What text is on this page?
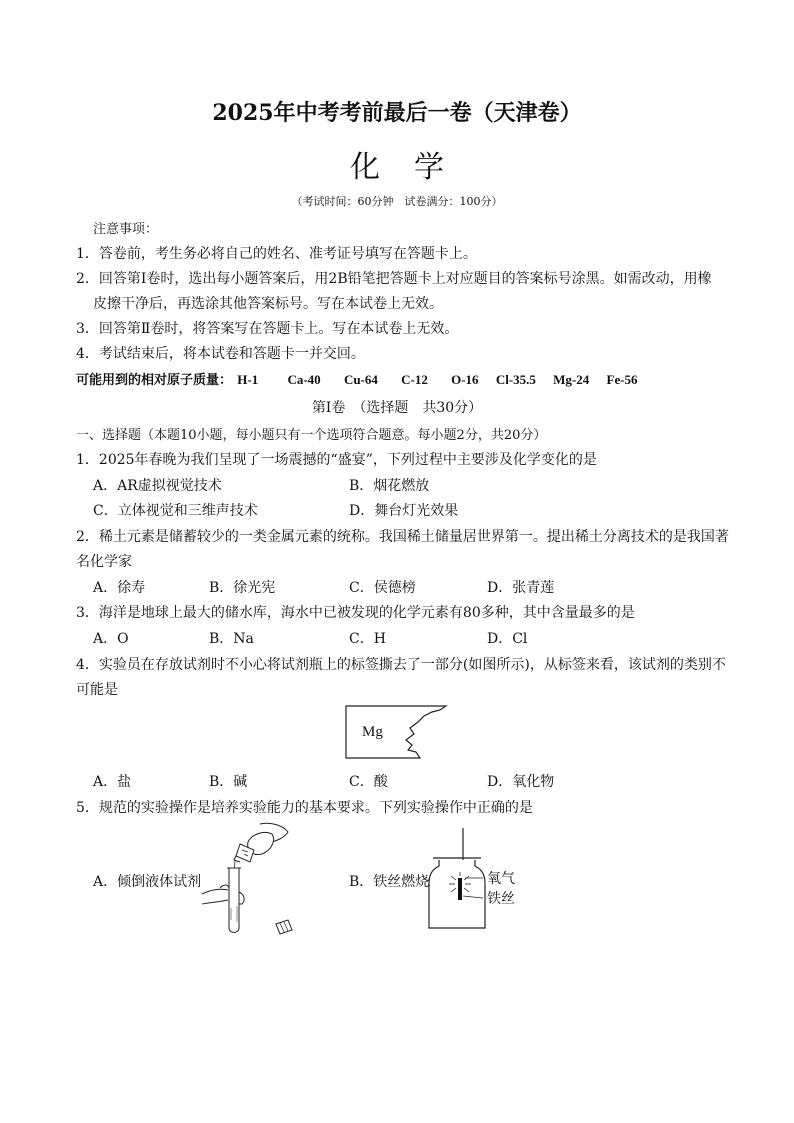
2025年中考考前最后一卷（天津卷）
化学
（考试时间：60分钟　试卷满分：100分）
注意事项：
1．答卷前，考生务必将自己的姓名、准考证号填写在答题卡上。
2．回答第Ⅰ卷时，选出每小题答案后，用2B铅笔把答题卡上对应题目的答案标号涂黑。如需改动，用橡
皮擦干净后，再选涂其他答案标号。写在本试卷上无效。
3．回答第Ⅱ卷时，将答案写在答题卡上。写在本试卷上无效。
4．考试结束后，将本试卷和答题卡一并交回。
可能用到的相对原子质量： H-1 Ca-40 Cu-64 C-12 O-16 Cl-35.5 Mg-24 Fe-56
第Ⅰ卷　（选择题　共30分）
一、选择题（本题10小题，每小题只有一个选项符合题意。每小题2分，共20分）
1．2025年春晚为我们呈现了一场震撼的“盛宴”，下列过程中主要涉及化学变化的是
A．AR虚拟视觉技术	B．烟花燃放
C．立体视觉和三维声技术	D．舞台灯光效果
2．稀土元素是储蓄较少的一类金属元素的统称。我国稀土储量居世界第一。提出稀土分离技术的是我国著
名化学家
A．徐寿	B．徐光宪	C．侯德榜	D．张青莲
3．海洋是地球上最大的储水库，海水中已被发现的化学元素有80多种，其中含量最多的是
A．O	B．Na	C．H	D．Cl
4．实验员在存放试剂时不小心将试剂瓶上的标签撕去了一部分(如图所示)，从标签来看，该试剂的类别不
可能是
Mg
A．盐	B．碱	C．酸	D．氧化物
5．规范的实验操作是培养实验能力的基本要求。下列实验操作中正确的是
A．倾倒液体试剂	B．铁丝燃烧	氧气
铁丝
